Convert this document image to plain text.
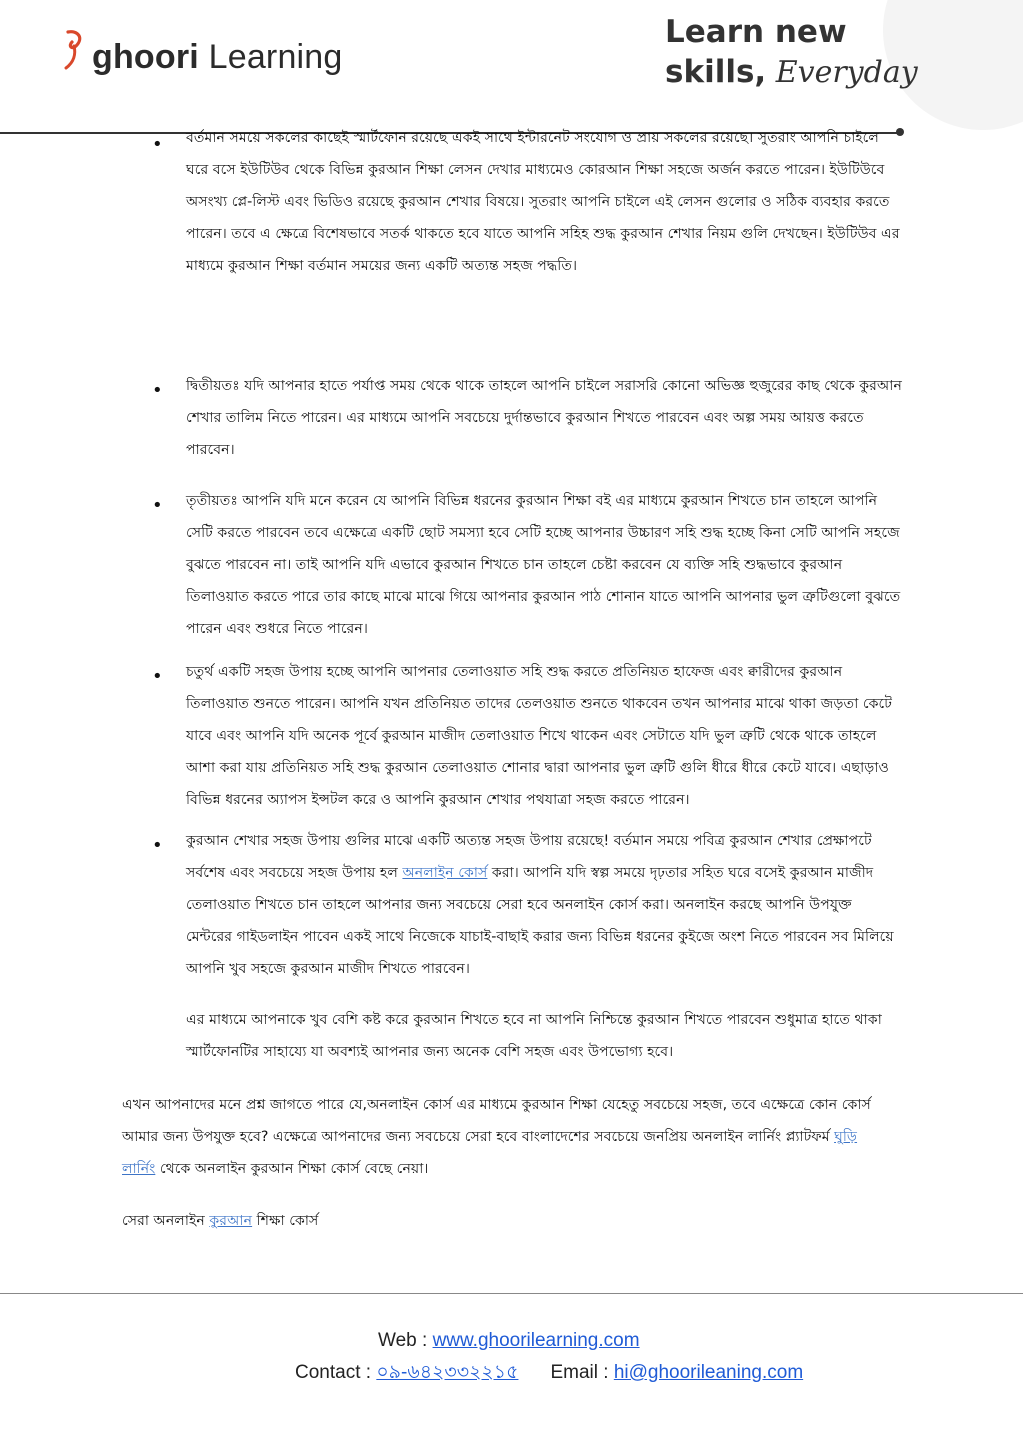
ghoori Learning
Learn new
skills, Everyday
• বর্তমান সময়ে সকলের কাছেই স্মার্টফোন রয়েছে একই সাথে ইন্টারনেট সংযোগ ও প্রায় সকলের রয়েছে। সুতরাং আপনি চাইলে ঘরে বসে ইউটিউব থেকে বিভিন্ন কুরআন শিক্ষা লেসন দেখার মাধ্যমেও কোরআন শিক্ষা সহজে অর্জন করতে পারেন। ইউটিউবে অসংখ্য প্লে-লিস্ট এবং ভিডিও রয়েছে কুরআন শেখার বিষয়ে। সুতরাং আপনি চাইলে এই লেসন গুলোর ও সঠিক ব্যবহার করতে পারেন। তবে এ ক্ষেত্রে বিশেষভাবে সতর্ক থাকতে হবে যাতে আপনি সহিহ শুদ্ধ কুরআন শেখার নিয়ম গুলি দেখছেন। ইউটিউব এর মাধ্যমে কুরআন শিক্ষা বর্তমান সময়ের জন্য একটি অত্যন্ত সহজ পদ্ধতি।

• দ্বিতীয়তঃ যদি আপনার হাতে পর্যাপ্ত সময় থেকে থাকে তাহলে আপনি চাইলে সরাসরি কোনো অভিজ্ঞ হুজুরের কাছ থেকে কুরআন শেখার তালিম নিতে পারেন। এর মাধ্যমে আপনি সবচেয়ে দুর্দান্তভাবে কুরআন শিখতে পারবেন এবং অল্প সময় আয়ত্ত করতে পারবেন।

• তৃতীয়তঃ আপনি যদি মনে করেন যে আপনি বিভিন্ন ধরনের কুরআন শিক্ষা বই এর মাধ্যমে কুরআন শিখতে চান তাহলে আপনি সেটি করতে পারবেন তবে এক্ষেত্রে একটি ছোট সমস্যা হবে সেটি হচ্ছে আপনার উচ্চারণ সহি শুদ্ধ হচ্ছে কিনা সেটি আপনি সহজে বুঝতে পারবেন না। তাই আপনি যদি এভাবে কুরআন শিখতে চান তাহলে চেষ্টা করবেন যে ব্যক্তি সহি শুদ্ধভাবে কুরআন তিলাওয়াত করতে পারে তার কাছে মাঝে মাঝে গিয়ে আপনার কুরআন পাঠ শোনান যাতে আপনি আপনার ভুল ত্রুটিগুলো বুঝতে পারেন এবং শুধরে নিতে পারেন।

• চতুর্থ একটি সহজ উপায় হচ্ছে আপনি আপনার তেলাওয়াত সহি শুদ্ধ করতে প্রতিনিয়ত হাফেজ এবং ক্বারীদের কুরআন তিলাওয়াত শুনতে পারেন। আপনি যখন প্রতিনিয়ত তাদের তেলওয়াত শুনতে থাকবেন তখন আপনার মাঝে থাকা জড়তা কেটে যাবে এবং আপনি যদি অনেক পূর্বে কুরআন মাজীদ তেলাওয়াত শিখে থাকেন এবং সেটাতে যদি ভুল ত্রুটি থেকে থাকে তাহলে আশা করা যায় প্রতিনিয়ত সহি শুদ্ধ কুরআন তেলাওয়াত শোনার দ্বারা আপনার ভুল ত্রুটি গুলি ধীরে ধীরে কেটে যাবে। এছাড়াও বিভিন্ন ধরনের অ্যাপস ইন্সটল করে ও আপনি কুরআন শেখার পথযাত্রা সহজ করতে পারেন।

• কুরআন শেখার সহজ উপায় গুলির মাঝে একটি অত্যন্ত সহজ উপায় রয়েছে! বর্তমান সময়ে পবিত্র কুরআন শেখার প্রেক্ষাপটে সর্বশেষ এবং সবচেয়ে সহজ উপায় হল অনলাইন কোর্স করা। আপনি যদি স্বল্প সময়ে দৃঢ়তার সহিত ঘরে বসেই কুরআন মাজীদ তেলাওয়াত শিখতে চান তাহলে আপনার জন্য সবচেয়ে সেরা হবে অনলাইন কোর্স করা। অনলাইন করছে আপনি উপযুক্ত মেন্টরের গাইডলাইন পাবেন একই সাথে নিজেকে যাচাই-বাছাই করার জন্য বিভিন্ন ধরনের কুইজে অংশ নিতে পারবেন সব মিলিয়ে আপনি খুব সহজে কুরআন মাজীদ শিখতে পারবেন।

এর মাধ্যমে আপনাকে খুব বেশি কষ্ট করে কুরআন শিখতে হবে না আপনি নিশ্চিন্তে কুরআন শিখতে পারবেন শুধুমাত্র হাতে থাকা স্মার্টফোনটির সাহায্যে যা অবশ্যই আপনার জন্য অনেক বেশি সহজ এবং উপভোগ্য হবে।

এখন আপনাদের মনে প্রশ্ন জাগতে পারে যে,অনলাইন কোর্স এর মাধ্যমে কুরআন শিক্ষা যেহেতু সবচেয়ে সহজ, তবে এক্ষেত্রে কোন কোর্স আমার জন্য উপযুক্ত হবে? এক্ষেত্রে আপনাদের জন্য সবচেয়ে সেরা হবে বাংলাদেশের সবচেয়ে জনপ্রিয় অনলাইন লার্নিং প্ল্যাটফর্ম ঘুড়ি লার্নিং থেকে অনলাইন কুরআন শিক্ষা কোর্স বেছে নেয়া।

সেরা অনলাইন কুরআন শিক্ষা কোর্স

Web : www.ghoorilearning.com
Contact : ০৯-৬৪২৩৩২২১৫ Email : hi@ghoorileaning.com
